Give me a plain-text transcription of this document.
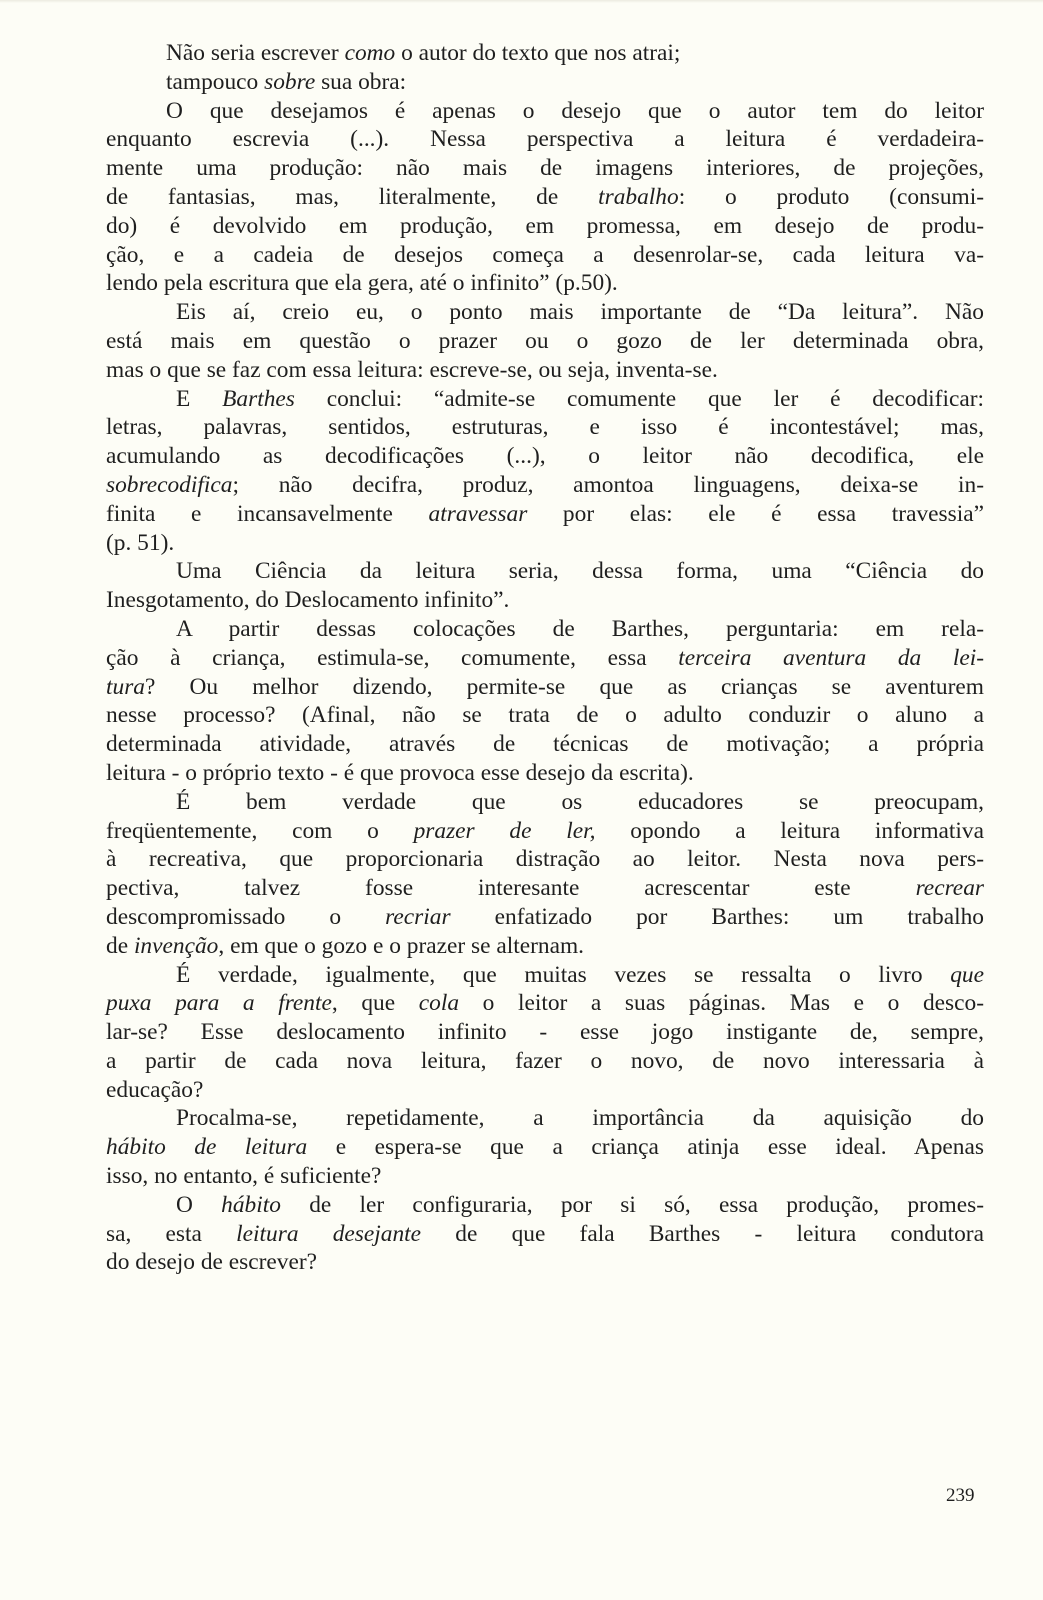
Não seria escrever como o autor do texto que nos atrai;
tampouco sobre sua obra:
O que desejamos é apenas o desejo que o autor tem do leitor
enquanto escrevia (...). Nessa perspectiva a leitura é verdadeira-
mente uma produção: não mais de imagens interiores, de projeções,
de fantasias, mas, literalmente, de trabalho: o produto (consumi-
do) é devolvido em produção, em promessa, em desejo de produ-
ção, e a cadeia de desejos começa a desenrolar-se, cada leitura va-
lendo pela escritura que ela gera, até o infinito” (p.50).
Eis aí, creio eu, o ponto mais importante de “Da leitura”. Não
está mais em questão o prazer ou o gozo de ler determinada obra,
mas o que se faz com essa leitura: escreve-se, ou seja, inventa-se.
E Barthes conclui: “admite-se comumente que ler é decodificar:
letras, palavras, sentidos, estruturas, e isso é incontestável; mas,
acumulando as decodificações (...), o leitor não decodifica, ele
sobrecodifica; não decifra, produz, amontoa linguagens, deixa-se in-
finita e incansavelmente atravessar por elas: ele é essa travessia”
(p. 51).
Uma Ciência da leitura seria, dessa forma, uma “Ciência do
Inesgotamento, do Deslocamento infinito”.
A partir dessas colocações de Barthes, perguntaria: em rela-
ção à criança, estimula-se, comumente, essa terceira aventura da lei-
tura? Ou melhor dizendo, permite-se que as crianças se aventurem
nesse processo? (Afinal, não se trata de o adulto conduzir o aluno a
determinada atividade, através de técnicas de motivação; a própria
leitura - o próprio texto - é que provoca esse desejo da escrita).
É bem verdade que os educadores se preocupam,
freqüentemente, com o prazer de ler, opondo a leitura informativa
à recreativa, que proporcionaria distração ao leitor. Nesta nova pers-
pectiva, talvez fosse interesante acrescentar este recrear
descompromissado o recriar enfatizado por Barthes: um trabalho
de invenção, em que o gozo e o prazer se alternam.
É verdade, igualmente, que muitas vezes se ressalta o livro que
puxa para a frente, que cola o leitor a suas páginas. Mas e o desco-
lar-se? Esse deslocamento infinito - esse jogo instigante de, sempre,
a partir de cada nova leitura, fazer o novo, de novo interessaria à
educação?
Procalma-se, repetidamente, a importância da aquisição do
hábito de leitura e espera-se que a criança atinja esse ideal. Apenas
isso, no entanto, é suficiente?
O hábito de ler configuraria, por si só, essa produção, promes-
sa, esta leitura desejante de que fala Barthes - leitura condutora
do desejo de escrever?
239
